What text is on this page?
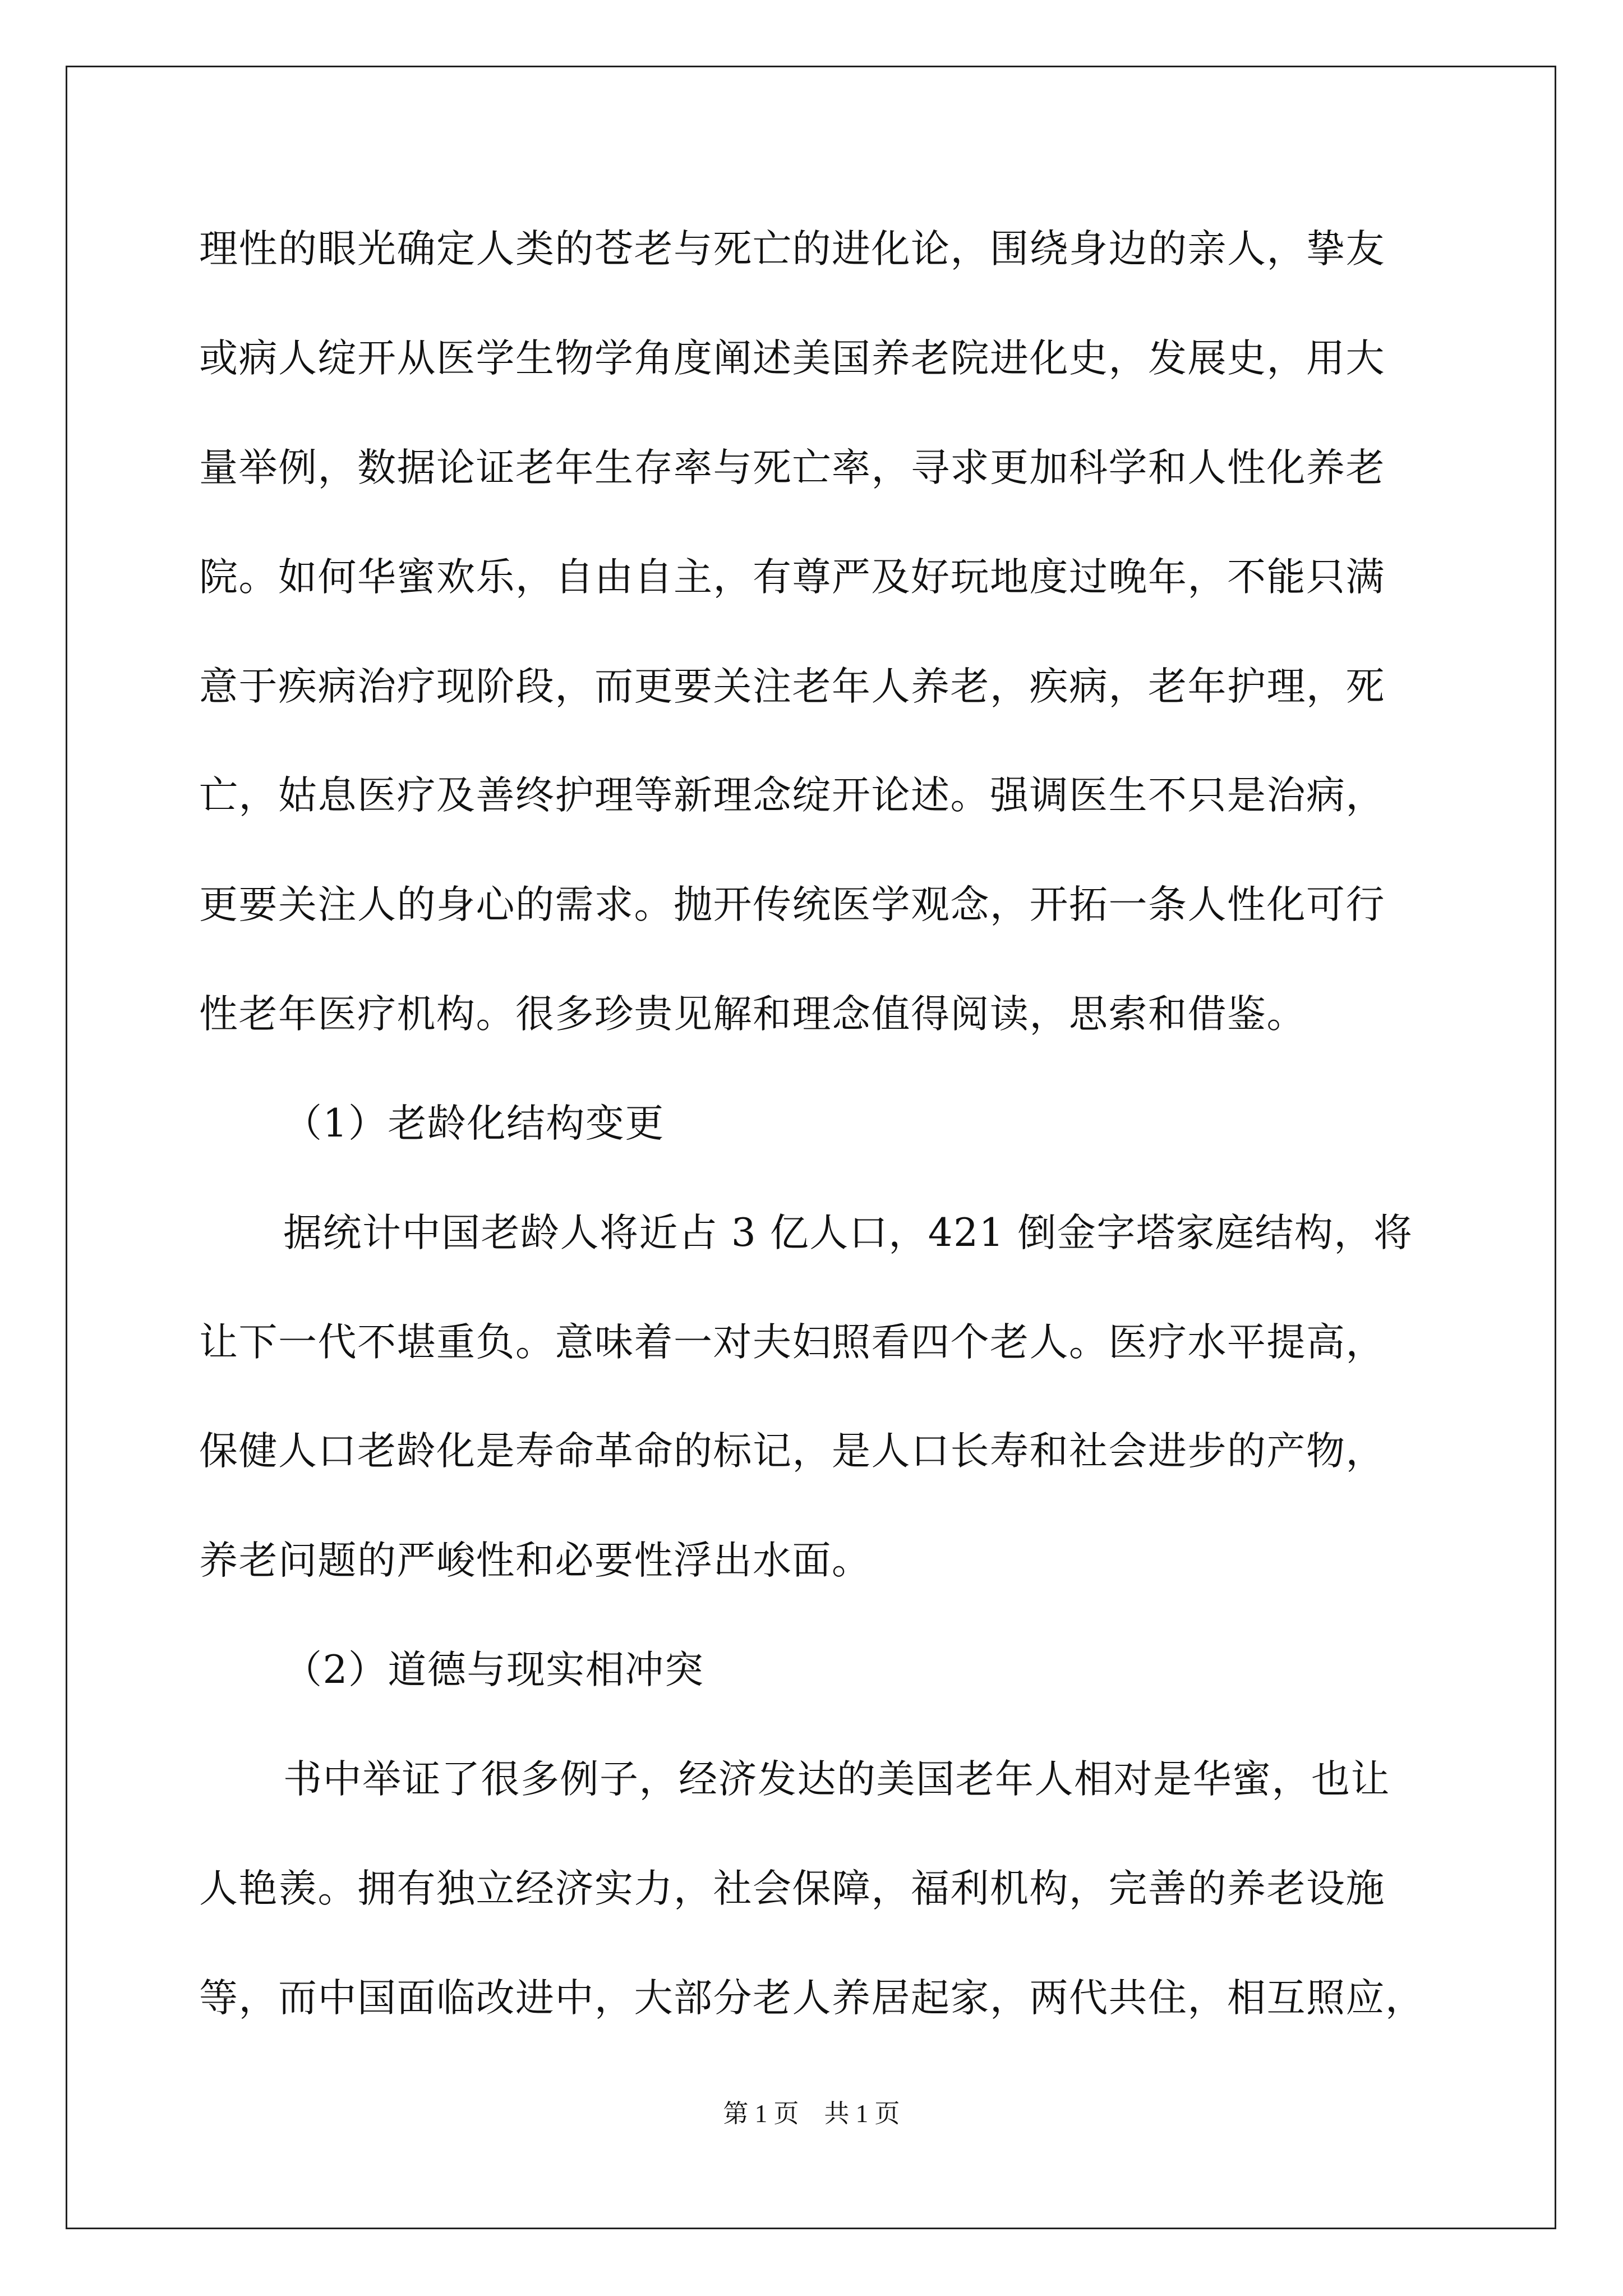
理性的眼光确定人类的苍老与死亡的进化论，围绕身边的亲人，挚友
或病人绽开从医学生物学角度阐述美国养老院进化史，发展史，用大
量举例，数据论证老年生存率与死亡率，寻求更加科学和人性化养老
院。如何华蜜欢乐，自由自主，有尊严及好玩地度过晚年，不能只满
意于疾病治疗现阶段，而更要关注老年人养老，疾病，老年护理，死
亡，姑息医疗及善终护理等新理念绽开论述。强调医生不只是治病，
更要关注人的身心的需求。抛开传统医学观念，开拓一条人性化可行
性老年医疗机构。很多珍贵见解和理念值得阅读，思索和借鉴。
（1）老龄化结构变更
据统计中国老龄人将近占 3 亿人口，421 倒金字塔家庭结构，将
让下一代不堪重负。意味着一对夫妇照看四个老人。医疗水平提高，
保健人口老龄化是寿命革命的标记，是人口长寿和社会进步的产物，
养老问题的严峻性和必要性浮出水面。
（2）道德与现实相冲突
书中举证了很多例子，经济发达的美国老年人相对是华蜜，也让
人艳羡。拥有独立经济实力，社会保障，福利机构，完善的养老设施
等，而中国面临改进中，大部分老人养居起家，两代共住，相互照应，
第 1 页　共 1 页
